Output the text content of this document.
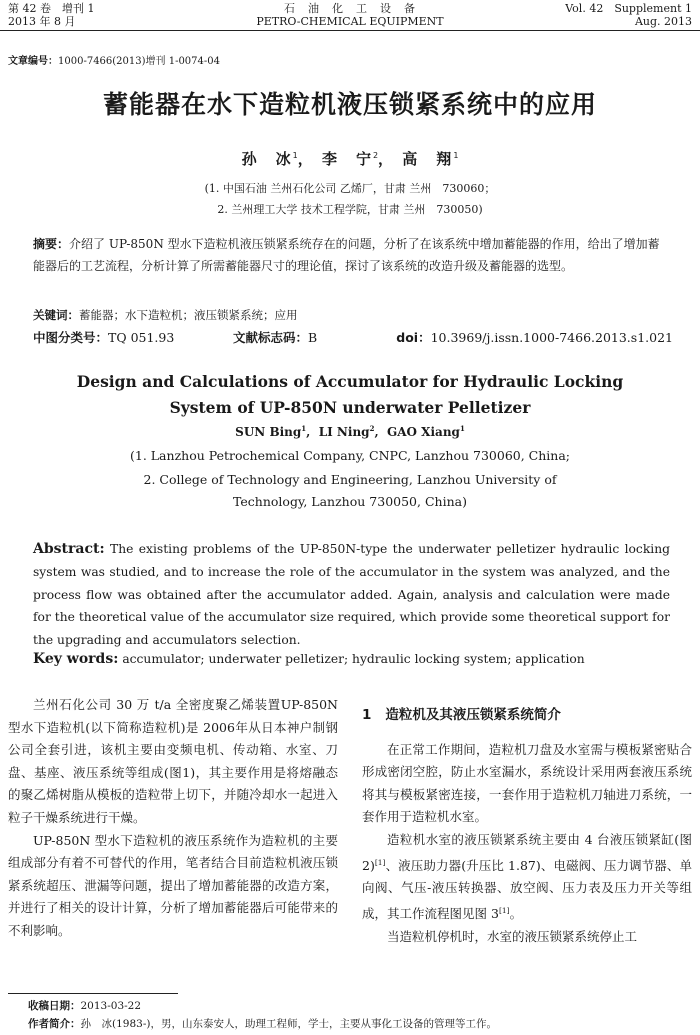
第 42 卷　增刊 1
2013 年 8 月
石　油　化　工　设　备
PETRO-CHEMICAL EQUIPMENT
Vol. 42　Supplement 1
Aug. 2013
文章编号：1000-7466(2013)增刊 1-0074-04
蓄能器在水下造粒机液压锁紧系统中的应用
孙　冰$^1$， 李　宁$^2$， 高　翔$^1$
(1. 中国石油 兰州石化公司 乙烯厂，甘肃 兰州　730060；
2. 兰州理工大学 技术工程学院，甘肃 兰州　730050)
摘要：介绍了 UP-850N 型水下造粒机液压锁紧系统存在的问题，分析了在该系统中增加蓄能器的作用，给出了增加蓄能器后的工艺流程，分析计算了所需蓄能器尺寸的理论值，探讨了该系统的改造升级及蓄能器的选型。
关键词：蓄能器；水下造粒机；液压锁紧系统；应用
中图分类号：TQ 051.93	文献标志码：B	doi：10.3969/j.issn.1000-7466.2013.s1.021
Design and Calculations of Accumulator for Hydraulic Locking
System of UP-850N underwater Pelletizer
SUN Bing$^1$,  LI Ning$^2$,  GAO Xiang$^1$
(1. Lanzhou Petrochemical Company, CNPC, Lanzhou 730060, China;
2. College of Technology and Engineering, Lanzhou University of
Technology, Lanzhou 730050, China)
Abstract: The existing problems of the UP-850N-type the underwater pelletizer hydraulic locking system was studied, and to increase the role of the accumulator in the system was analyzed, and the process flow was obtained after the accumulator added. Again, analysis and calculation were made for the theoretical value of the accumulator size required, which provide some theoretical support for the upgrading and accumulators selection.
Key words: accumulator; underwater pelletizer; hydraulic locking system; application

兰州石化公司 30 万 t/a 全密度聚乙烯装置UP-850N 型水下造粒机(以下简称造粒机)是 2006年从日本神户制钢公司全套引进，该机主要由变频电机、传动箱、水室、刀盘、基座、液压系统等组成(图1)，其主要作用是将熔融态的聚乙烯树脂从模板的造粒带上切下，并随冷却水一起进入粒子干燥系统进行干燥。

UP-850N 型水下造粒机的液压系统作为造粒机的主要组成部分有着不可替代的作用，笔者结合目前造粒机液压锁紧系统超压、泄漏等问题，提出了增加蓄能器的改造方案，并进行了相关的设计计算，分析了增加蓄能器后可能带来的不利影响。

1 造粒机及其液压锁紧系统简介

在正常工作期间，造粒机刀盘及水室需与模板紧密贴合形成密闭空腔，防止水室漏水，系统设计采用两套液压系统将其与模板紧密连接，一套作用于造粒机刀轴进刀系统，一套作用于造粒机水室。

造粒机水室的液压锁紧系统主要由 4 台液压锁紧缸(图 2)[1]、液压助力器(升压比 1.87)、电磁阀、压力调节器、单向阀、气压-液压转换器、放空阀、压力表及压力开关等组成，其工作流程图见图 3[1]。

当造粒机停机时，水室的液压锁紧系统停止工

收稿日期：2013-03-22
作者简介：孙　冰(1983-)，男，山东泰安人，助理工程师，学士，主要从事化工设备的管理等工作。
